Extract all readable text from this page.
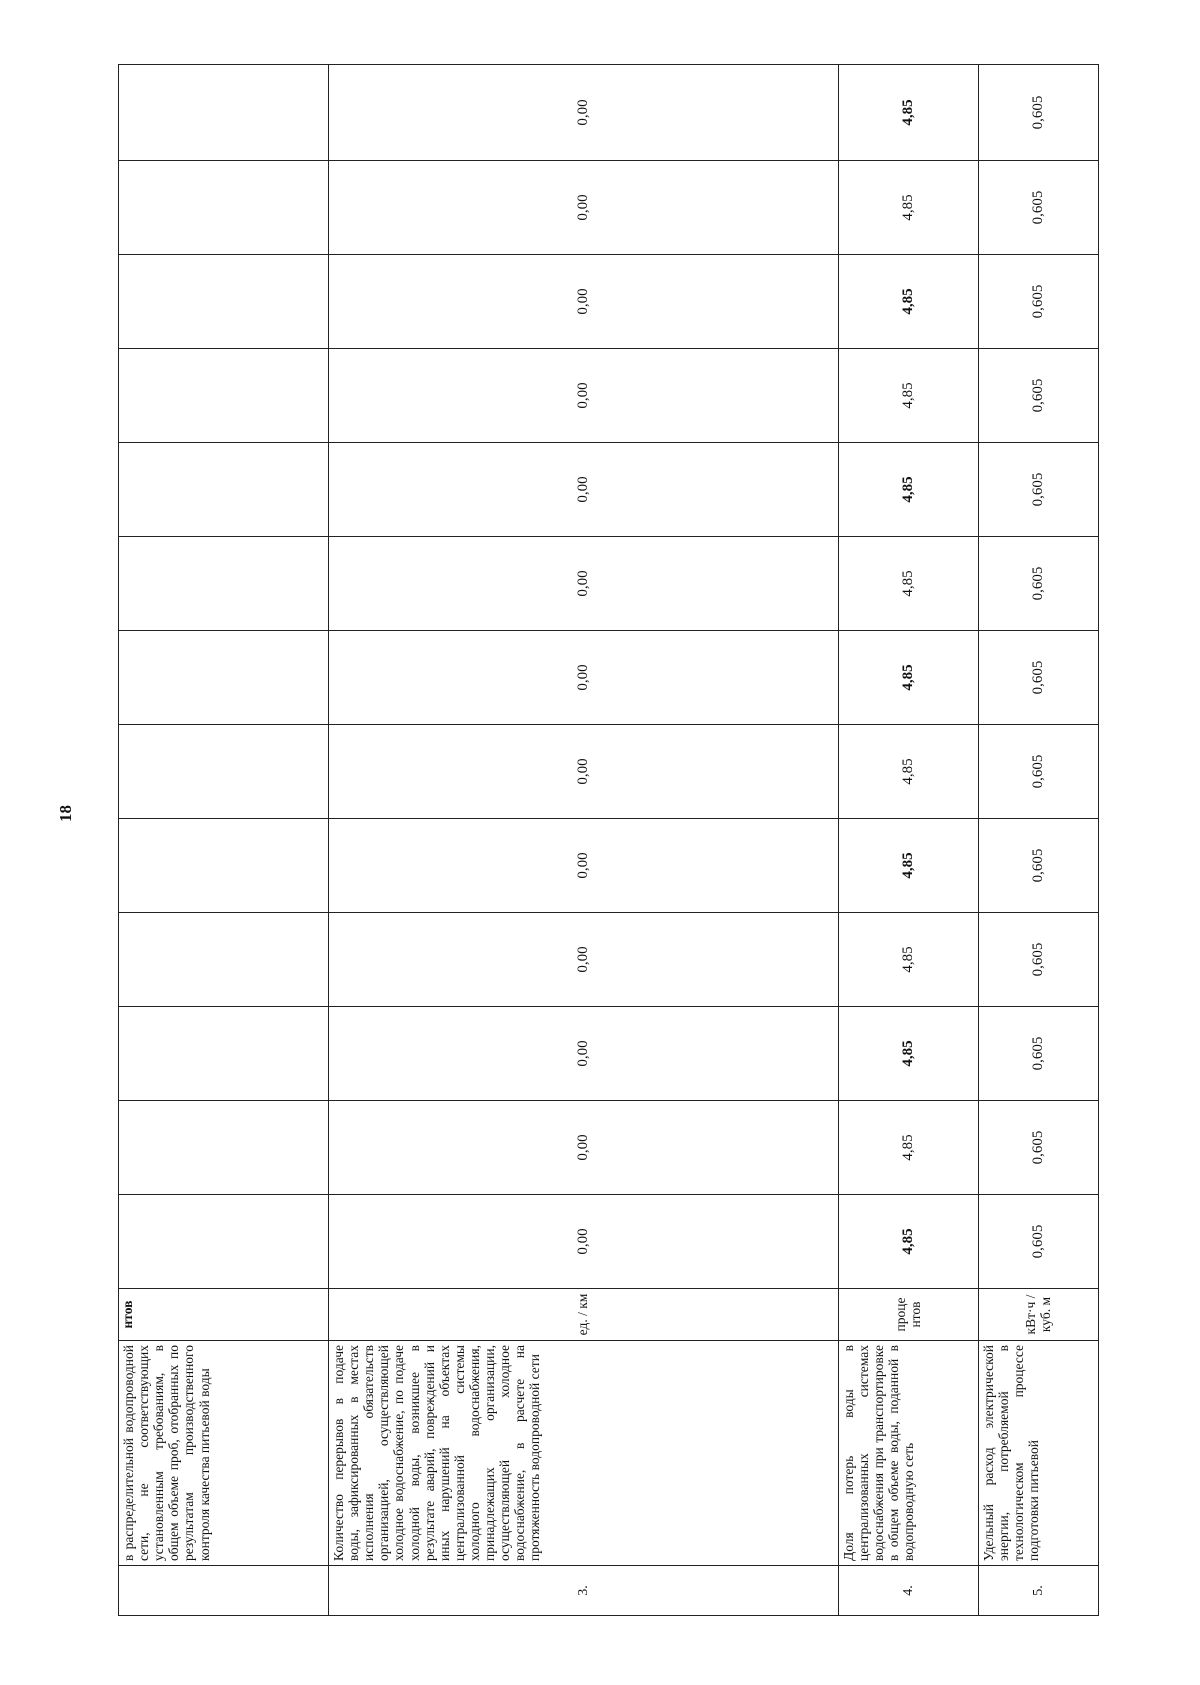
18
	в распределительной водопроводной сети, не соответствующих установленным требованиям, в общем объеме проб, отобранных по результатам производственного контроля качества питьевой воды	нтов													
3.	Количество перерывов в подаче воды, зафиксированных в местах исполнения обязательств организацией, осуществляющей холодное водоснабжение, по подаче холодной воды, возникшее в результате аварий, повреждений и иных нарушений на объектах централизованной системы холодного водоснабжения, принадлежащих организации, осуществляющей холодное водоснабжение, в расчете на протяженность водопроводной сети	ед. / км	0,00	0,00	0,00	0,00	0,00	0,00	0,00	0,00	0,00	0,00	0,00	0,00	0,00
4.	Доля потерь воды в централизованных системах водоснабжения при транспортировке в общем объеме воды, поданной в водопроводную сеть	проце нтов	4,85	4,85	4,85	4,85	4,85	4,85	4,85	4,85	4,85	4,85	4,85	4,85	4,85
5.	Удельный расход электрической энергии, потребляемой в технологическом процессе подготовки питьевой	кВт·ч / куб. м	0,605	0,605	0,605	0,605	0,605	0,605	0,605	0,605	0,605	0,605	0,605	0,605	0,605
